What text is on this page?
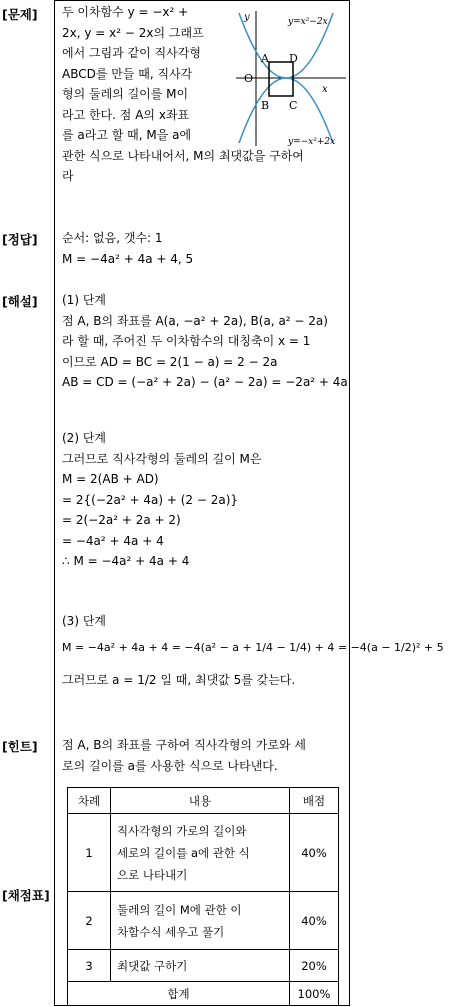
[문제]
[정답]
[해설]
[힌트]
[채점표]
두 이차함수 y = −x² +
2x, y = x² − 2x의 그래프
에서 그림과 같이 직사각형
ABCD를 만들 때, 직사각
형의 둘레의 길이를 M이
라고 한다. 점 A의 x좌표
를 a라고 할 때, M을 a에
관한 식으로 나타내어서, M의 최댓값을 구하여
라
y=x²−2x
y=−x²+2x
x
y
O
A
B C
D
순서: 없음, 갯수: 1
M = −4a² + 4a + 4, 5
(1) 단계
점 A, B의 좌표를 A(a, −a² + 2a), B(a, a² − 2a)
라 할 때, 주어진 두 이차함수의 대칭축이 x = 1
이므로 AD = BC = 2(1 − a) = 2 − 2a
AB = CD = (−a² + 2a) − (a² − 2a) = −2a² + 4a
(2) 단계
그러므로 직사각형의 둘레의 길이 M은
M = 2(AB + AD)
= 2{(−2a² + 4a) + (2 − 2a)}
= 2(−2a² + 2a + 2)
= −4a² + 4a + 4
∴ M = −4a² + 4a + 4
(3) 단계
M = −4a² + 4a + 4 = −4(a² − a + 1/4 − 1/4) + 4 = −4(a − 1/2)² + 5
그러므로 a = 1/2 일 때, 최댓값 5를 갖는다.
점 A, B의 좌표를 구하여 직사각형의 가로와 세
로의 길이를 a를 사용한 식으로 나타낸다.
차례	내용	배점
1	직사각형의 가로의 길이와
세로의 길이를 a에 관한 식
으로 나타내기	40%
2	둘레의 길이 M에 관한 이
차함수식 세우고 풀기	40%
3	최댓값 구하기	20%
합계		100%
